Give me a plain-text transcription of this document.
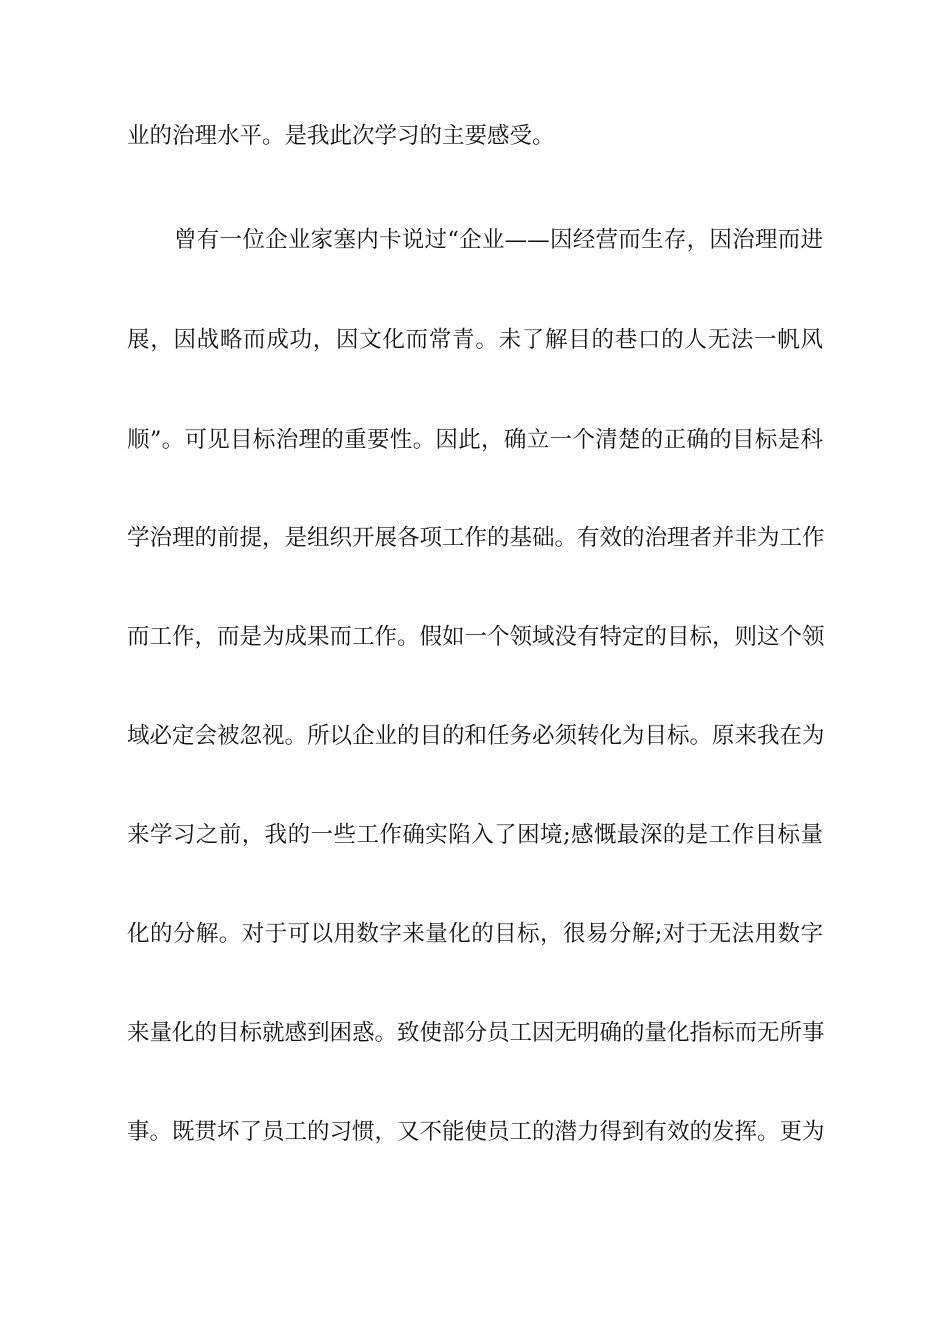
业的治理水平。是我此次学习的主要感受。
曾有一位企业家塞内卡说过“企业——因经营而生存，因治理而进
展，因战略而成功，因文化而常青。未了解目的巷口的人无法一帆风
顺”。可见目标治理的重要性。因此，确立一个清楚的正确的目标是科
学治理的前提，是组织开展各项工作的基础。有效的治理者并非为工作
而工作，而是为成果而工作。假如一个领域没有特定的目标，则这个领
域必定会被忽视。所以企业的目的和任务必须转化为目标。原来我在为
来学习之前，我的一些工作确实陷入了困境;感慨最深的是工作目标量
化的分解。对于可以用数字来量化的目标，很易分解;对于无法用数字
来量化的目标就感到困惑。致使部分员工因无明确的量化指标而无所事
事。既贯坏了员工的习惯，又不能使员工的潜力得到有效的发挥。更为
